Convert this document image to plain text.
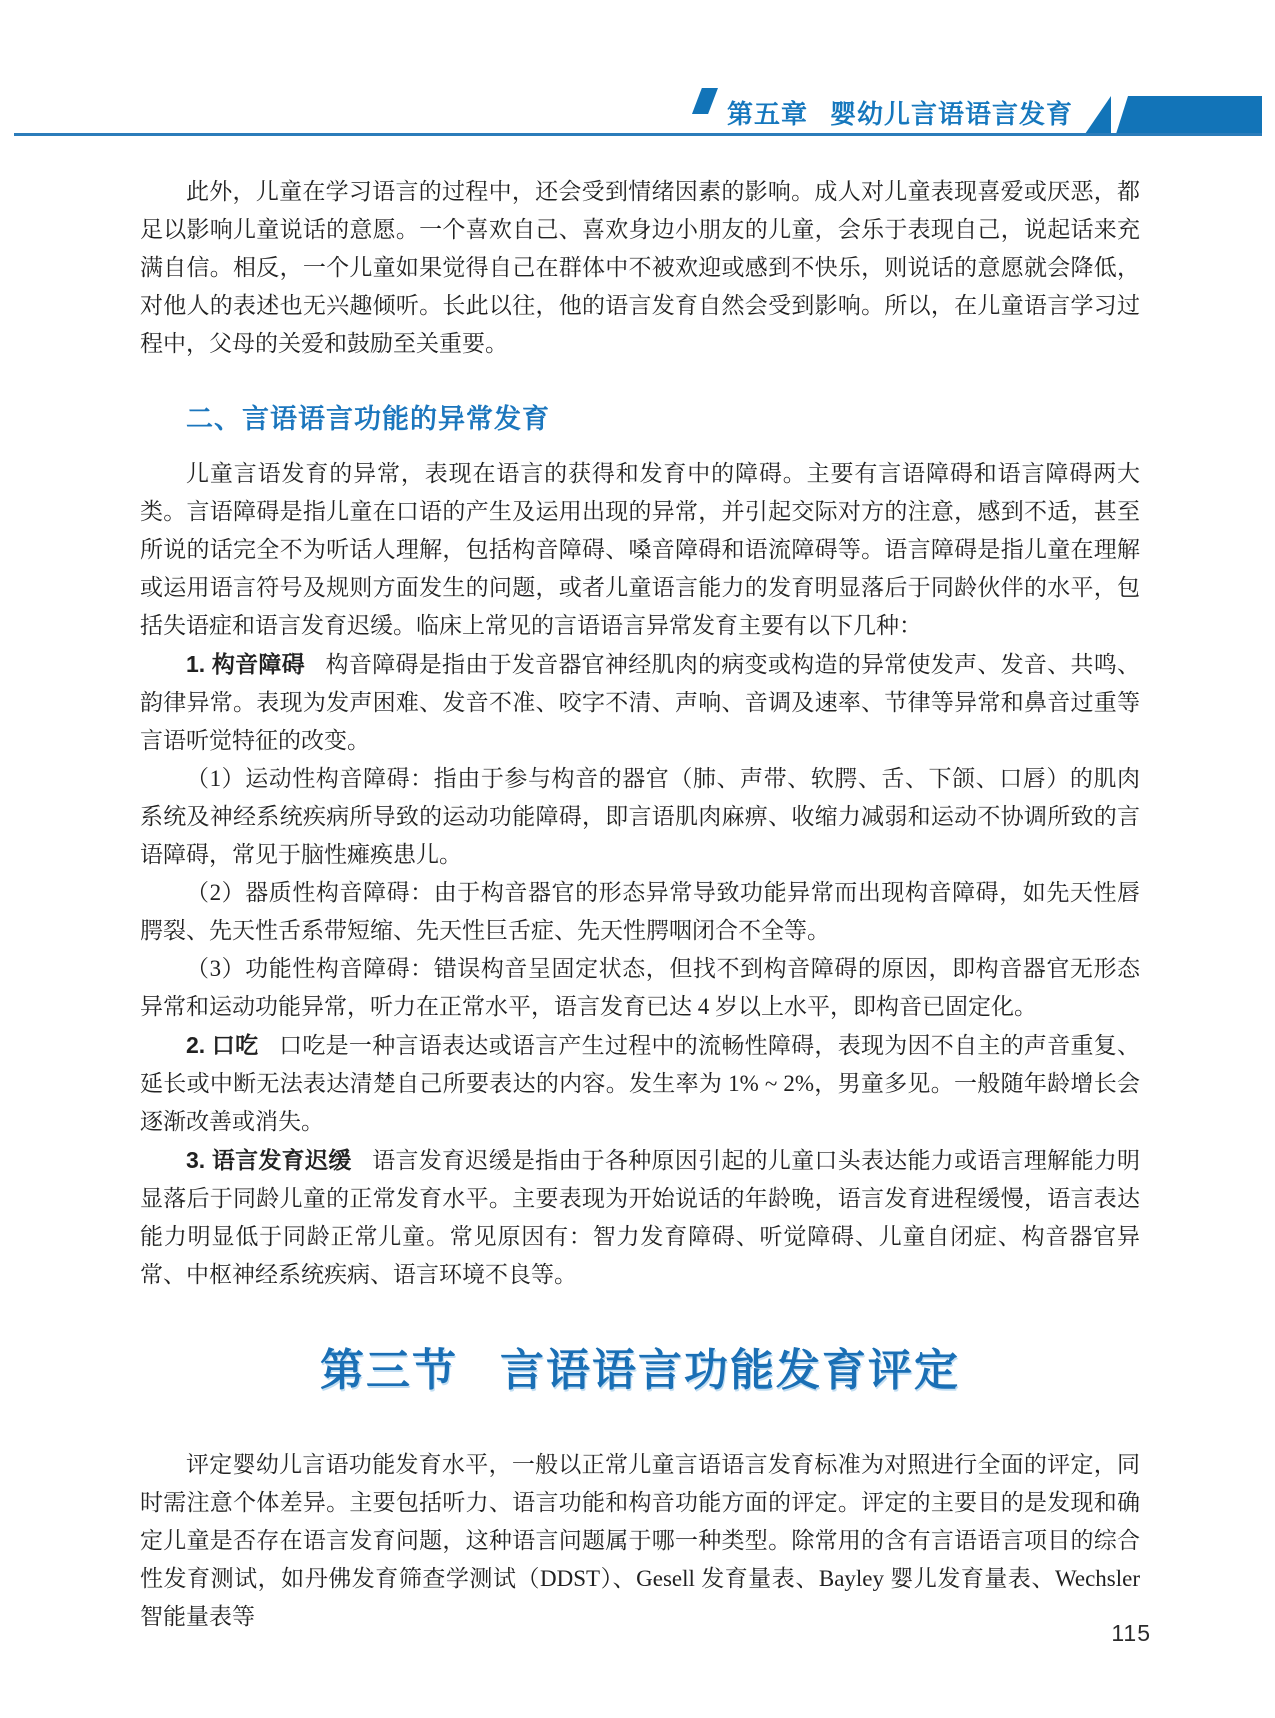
第五章 婴幼儿言语语言发育

此外，儿童在学习语言的过程中，还会受到情绪因素的影响。成人对儿童表现喜爱或厌恶，都足以影响儿童说话的意愿。一个喜欢自己、喜欢身边小朋友的儿童，会乐于表现自己，说起话来充满自信。相反，一个儿童如果觉得自己在群体中不被欢迎或感到不快乐，则说话的意愿就会降低，对他人的表述也无兴趣倾听。长此以往，他的语言发育自然会受到影响。所以，在儿童语言学习过程中，父母的关爱和鼓励至关重要。

二、言语语言功能的异常发育

儿童言语发育的异常，表现在语言的获得和发育中的障碍。主要有言语障碍和语言障碍两大类。言语障碍是指儿童在口语的产生及运用出现的异常，并引起交际对方的注意，感到不适，甚至所说的话完全不为听话人理解，包括构音障碍、嗓音障碍和语流障碍等。语言障碍是指儿童在理解或运用语言符号及规则方面发生的问题，或者儿童语言能力的发育明显落后于同龄伙伴的水平，包括失语症和语言发育迟缓。临床上常见的言语语言异常发育主要有以下几种：

1. 构音障碍 构音障碍是指由于发音器官神经肌肉的病变或构造的异常使发声、发音、共鸣、韵律异常。表现为发声困难、发音不准、咬字不清、声响、音调及速率、节律等异常和鼻音过重等言语听觉特征的改变。

（1）运动性构音障碍：指由于参与构音的器官（肺、声带、软腭、舌、下颌、口唇）的肌肉系统及神经系统疾病所导致的运动功能障碍，即言语肌肉麻痹、收缩力减弱和运动不协调所致的言语障碍，常见于脑性瘫痪患儿。

（2）器质性构音障碍：由于构音器官的形态异常导致功能异常而出现构音障碍，如先天性唇腭裂、先天性舌系带短缩、先天性巨舌症、先天性腭咽闭合不全等。

（3）功能性构音障碍：错误构音呈固定状态，但找不到构音障碍的原因，即构音器官无形态异常和运动功能异常，听力在正常水平，语言发育已达 4 岁以上水平，即构音已固定化。

2. 口吃 口吃是一种言语表达或语言产生过程中的流畅性障碍，表现为因不自主的声音重复、延长或中断无法表达清楚自己所要表达的内容。发生率为 1% ~ 2%，男童多见。一般随年龄增长会逐渐改善或消失。

3. 语言发育迟缓 语言发育迟缓是指由于各种原因引起的儿童口头表达能力或语言理解能力明显落后于同龄儿童的正常发育水平。主要表现为开始说话的年龄晚，语言发育进程缓慢，语言表达能力明显低于同龄正常儿童。常见原因有：智力发育障碍、听觉障碍、儿童自闭症、构音器官异常、中枢神经系统疾病、语言环境不良等。

第三节 言语语言功能发育评定

评定婴幼儿言语功能发育水平，一般以正常儿童言语语言发育标准为对照进行全面的评定，同时需注意个体差异。主要包括听力、语言功能和构音功能方面的评定。评定的主要目的是发现和确定儿童是否存在语言发育问题，这种语言问题属于哪一种类型。除常用的含有言语语言项目的综合性发育测试，如丹佛发育筛查学测试（DDST）、Gesell 发育量表、Bayley 婴儿发育量表、Wechsler 智能量表等

115
